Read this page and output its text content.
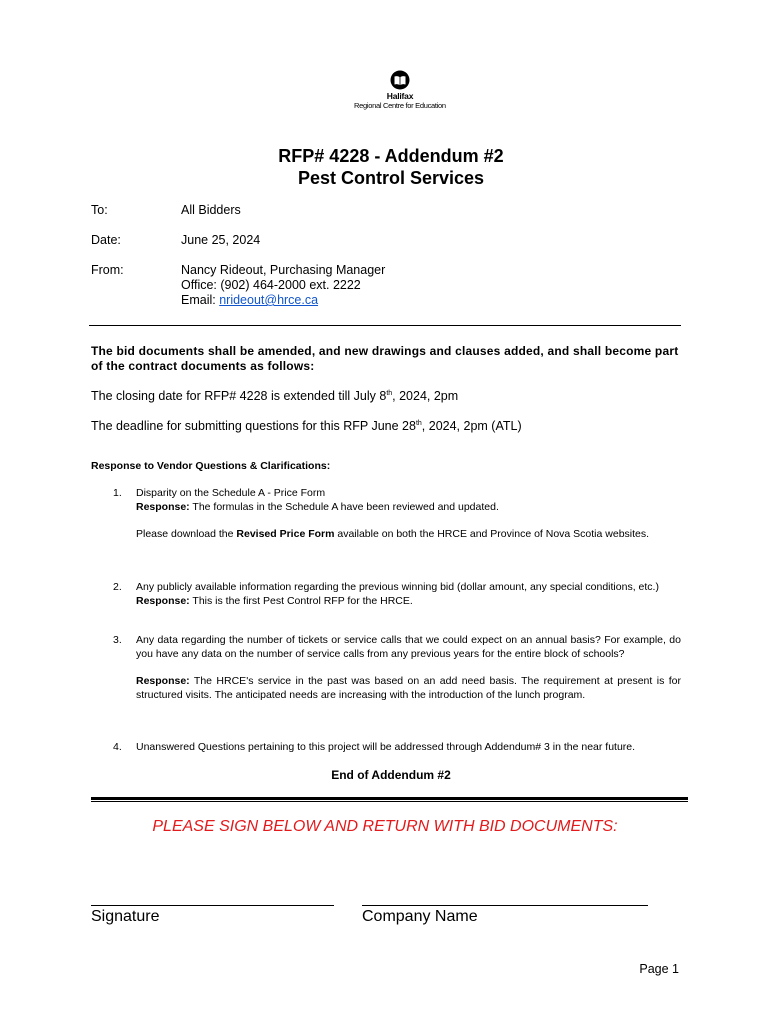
Halifax
Regional Centre for Education
RFP# 4228 - Addendum #2
Pest Control Services
To:	All Bidders
Date:	June 25, 2024
From:	Nancy Rideout, Purchasing Manager
Office: (902) 464-2000 ext. 2222
Email: nrideout@hrce.ca
The bid documents shall be amended, and new drawings and clauses added, and shall become part of the contract documents as follows:
The closing date for RFP# 4228 is extended till July 8th, 2024, 2pm
The deadline for submitting questions for this RFP June 28th, 2024, 2pm (ATL)
Response to Vendor Questions & Clarifications:
1. Disparity on the Schedule A - Price Form
Response: The formulas in the Schedule A have been reviewed and updated.
Please download the Revised Price Form available on both the HRCE and Province of Nova Scotia websites.
2. Any publicly available information regarding the previous winning bid (dollar amount, any special conditions, etc.)
Response: This is the first Pest Control RFP for the HRCE.
3. Any data regarding the number of tickets or service calls that we could expect on an annual basis? For example, do you have any data on the number of service calls from any previous years for the entire block of schools?
Response: The HRCE's service in the past was based on an add need basis. The requirement at present is for structured visits. The anticipated needs are increasing with the introduction of the lunch program.
4. Unanswered Questions pertaining to this project will be addressed through Addendum# 3 in the near future.
End of Addendum #2
PLEASE SIGN BELOW AND RETURN WITH BID DOCUMENTS:
Signature	Company Name
Page 1
